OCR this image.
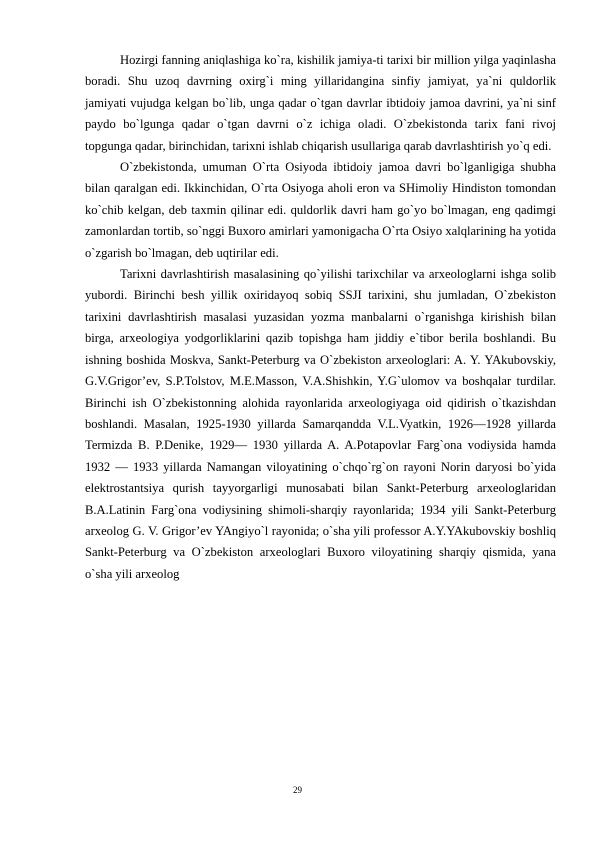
Hozirgi fanning aniqlashiga ko`ra, kishilik jamiya-ti tarixi bir million yilga yaqinlasha boradi. Shu uzoq davrning oxirg`i ming yillaridangina sinfiy jamiyat, ya`ni quldorlik jamiyati vujudga kelgan bo`lib, unga qadar o`tgan davrlar ibtidoiy jamoa davrini, ya`ni sinf paydo bo`lgunga qadar o`tgan davrni o`z ichiga oladi. O`zbekistonda tarix fani rivoj topgunga qadar, birinchidan, tarixni ishlab chiqarish usullariga qarab davrlashtirish yo`q edi.

O`zbekistonda, umuman O`rta Osiyoda ibtidoiy jamoa davri bo`lganligiga shubha bilan qaralgan edi. Ikkinchidan, O`rta Osiyoga aholi eron va SHimoliy Hindiston tomondan ko`chib kelgan, deb taxmin qilinar edi. quldorlik davri ham go`yo bo`lmagan, eng qadimgi zamonlardan tortib, so`nggi Buxoro amirlari yamonigacha O`rta Osiyo xalqlarining ha yotida o`zgarish bo`lmagan, deb uqtirilar edi.

Tarixni davrlashtirish masalasining qo`yilishi tarixchilar va arxeologlarni ishga solib yubordi. Birinchi besh yillik oxiridayoq sobiq SSJI tarixini, shu jumladan, O`zbekiston tarixini davrlashtirish masalasi yuzasidan yozma manbalarni o`rganishga kirishish bilan birga, arxeologiya yodgorliklarini qazib topishga ham jiddiy e`tibor berila boshlandi. Bu ishning boshida Moskva, Sankt-Peterburg va O`zbekiston arxeologlari: A. Y. YAkubovskiy, G.V.Grigor’ev, S.P.Tolstov, M.E.Masson, V.A.Shishkin, Y.G`ulomov va boshqalar turdilar. Birinchi ish O`zbekistonning alohida rayonlarida arxeologiyaga oid qidirish o`tkazishdan boshlandi. Masalan, 1925-1930 yillarda Samarqandda V.L.Vyatkin, 1926—1928 yillarda Termizda B. P.Denike, 1929— 1930 yillarda A. A.Potapovlar Farg`ona vodiysida hamda 1932 — 1933 yillarda Namangan viloyatining o`chqo`rg`on rayoni Norin daryosi bo`yida elektrostantsiya qurish tayyorgarligi munosabati bilan Sankt-Peterburg arxeologlaridan B.A.Latinin Farg`ona vodiysining shimoli-sharqiy rayonlarida; 1934 yili Sankt-Peterburg arxeolog G. V. Grigor’ev YAngiyo`l rayonida; o`sha yili professor A.Y.YAkubovskiy boshliq Sankt-Peterburg va O`zbekiston arxeologlari Buxoro viloyatining sharqiy qismida, yana o`sha yili arxeolog

29
